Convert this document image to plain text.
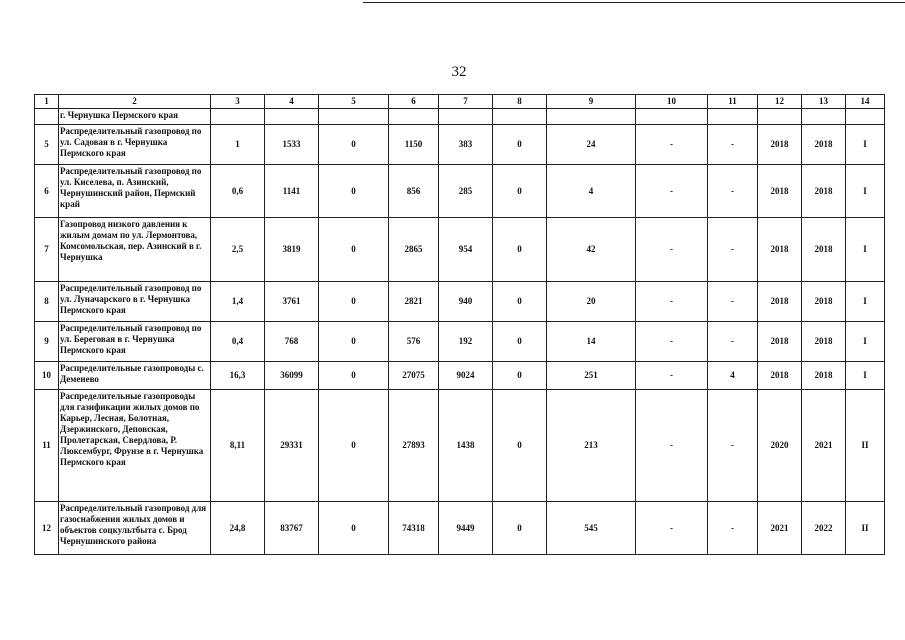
32
1	2	3	4	5	6	7	8	9	10	11	12	13	14
	г. Чернушка Пермского края												
5	Распределительный газопровод по ул. Садовая в г. Чернушка Пермского края	1	1533	0	1150	383	0	24	-	-	2018	2018	I
6	Распределительный газопровод по ул. Киселева, п. Азинский, Чернушинский район, Пермский край	0,6	1141	0	856	285	0	4	-	-	2018	2018	I
7	Газопровод низкого давления к жилым домам по ул. Лермонтова, Комсомольская, пер. Азинский в г. Чернушка	2,5	3819	0	2865	954	0	42	-	-	2018	2018	I
8	Распределительный газопровод по ул. Луначарского в г. Чернушка Пермского края	1,4	3761	0	2821	940	0	20	-	-	2018	2018	I
9	Распределительный газопровод по ул. Береговая в г. Чернушка Пермского края	0,4	768	0	576	192	0	14	-	-	2018	2018	I
10	Распределительные газопроводы с. Деменево	16,3	36099	0	27075	9024	0	251	-	4	2018	2018	I
11	Распределительные газопроводы для газификации жилых домов по Карьер, Лесная, Болотная, Дзержинского, Деповская, Пролетарская, Свердлова, Р. Люксембург, Фрунзе в г. Чернушка Пермского края	8,11	29331	0	27893	1438	0	213	-	-	2020	2021	II
12	Распределительный газопровод для газоснабжения жилых домов и объектов соцкультбыта с. Брод Чернушинского района	24,8	83767	0	74318	9449	0	545	-	-	2021	2022	II
